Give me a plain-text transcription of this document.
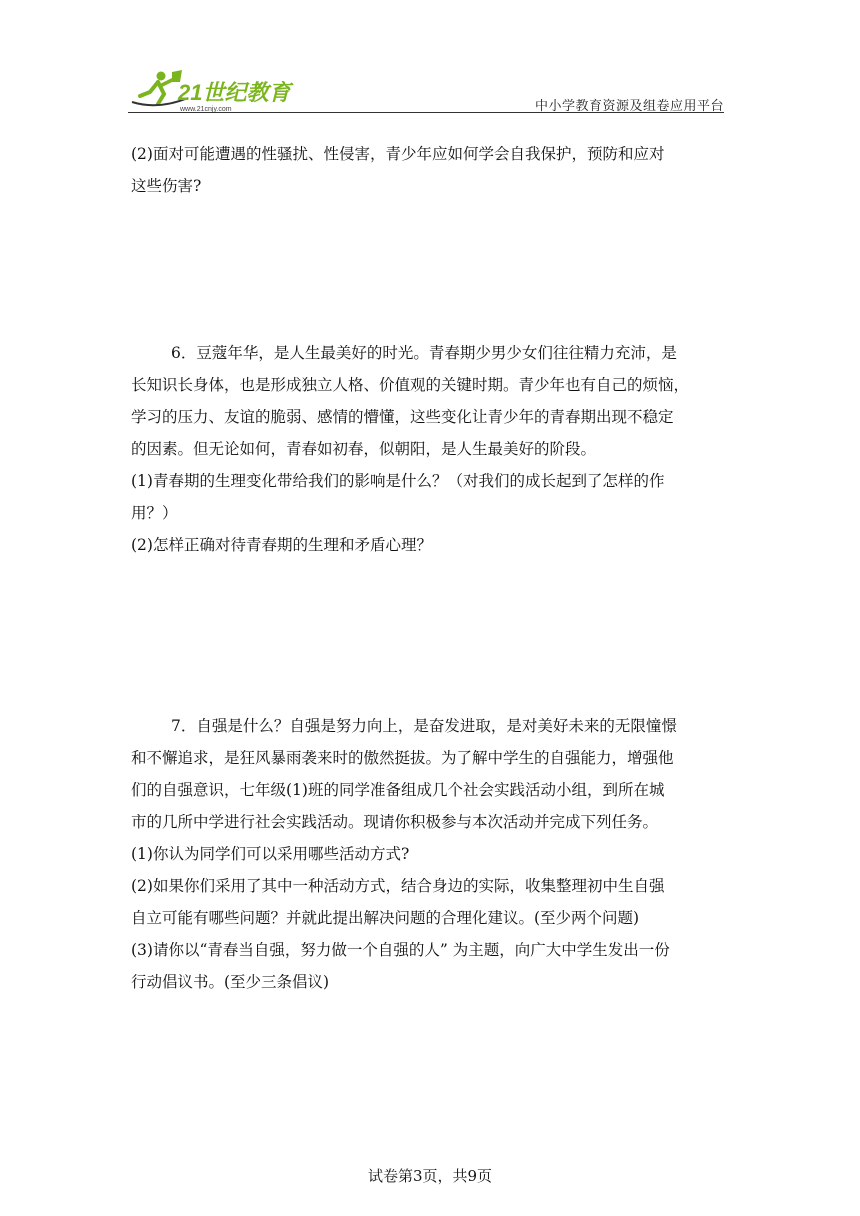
21世纪教育
www.21cnjy.com	中小学教育资源及组卷应用平台
(2)面对可能遭遇的性骚扰、性侵害，青少年应如何学会自我保护，预防和应对
这些伤害?
6．豆蔻年华，是人生最美好的时光。青春期少男少女们往往精力充沛，是
长知识长身体，也是形成独立人格、价值观的关键时期。青少年也有自己的烦恼，
学习的压力、友谊的脆弱、感情的懵懂，这些变化让青少年的青春期出现不稳定
的因素。但无论如何，青春如初春，似朝阳，是人生最美好的阶段。
(1)青春期的生理变化带给我们的影响是什么？（对我们的成长起到了怎样的作
用？）
(2)怎样正确对待青春期的生理和矛盾心理？
7．自强是什么？自强是努力向上，是奋发进取，是对美好未来的无限憧憬
和不懈追求，是狂风暴雨袭来时的傲然挺拔。为了解中学生的自强能力，增强他
们的自强意识，七年级(1)班的同学准备组成几个社会实践活动小组，到所在城
市的几所中学进行社会实践活动。现请你积极参与本次活动并完成下列任务。
(1)你认为同学们可以采用哪些活动方式?
(2)如果你们采用了其中一种活动方式，结合身边的实际，收集整理初中生自强
自立可能有哪些问题？并就此提出解决问题的合理化建议。(至少两个问题)
(3)请你以“青春当自强，努力做一个自强的人” 为主题，向广大中学生发出一份
行动倡议书。(至少三条倡议)
试卷第3页，共9页
